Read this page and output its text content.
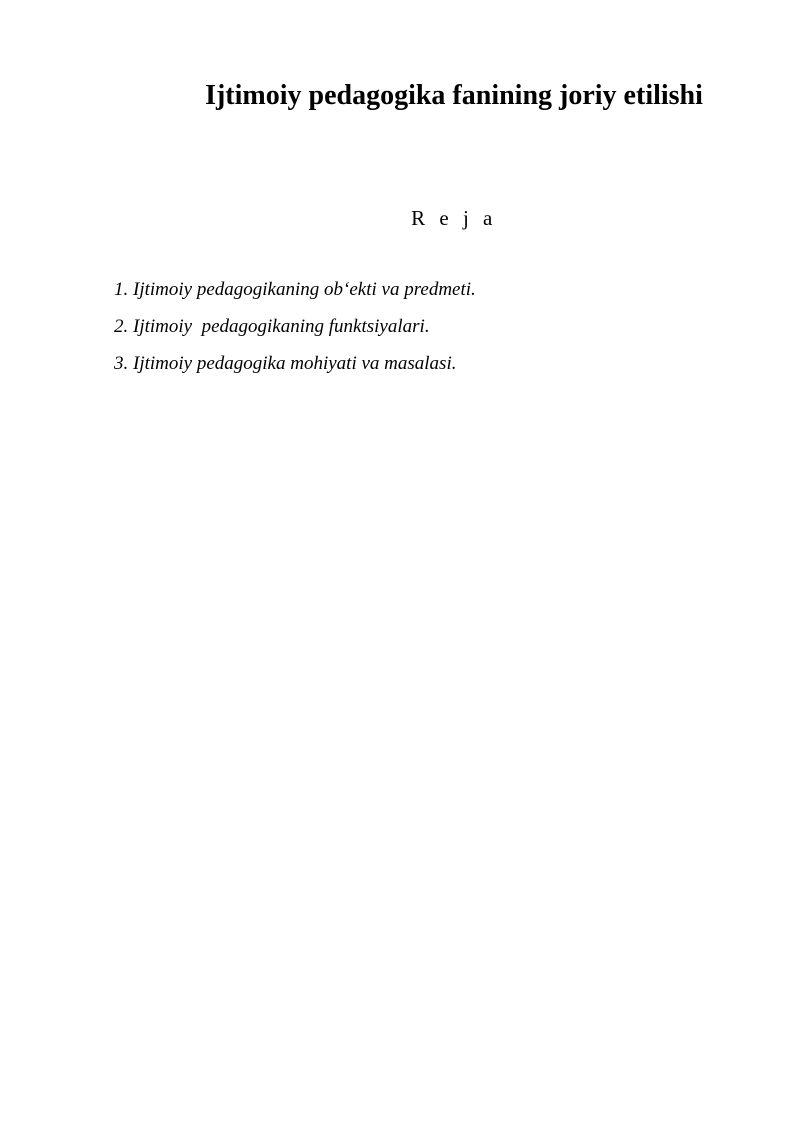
Ijtimoiy pedagogika fanining joriy etilishi
R e j a
1. Ijtimoiy pedagogikaning ob‘ekti va predmeti.
2. Ijtimoiy  pedagogikaning funktsiyalari.
3. Ijtimoiy pedagogika mohiyati va masalasi.
